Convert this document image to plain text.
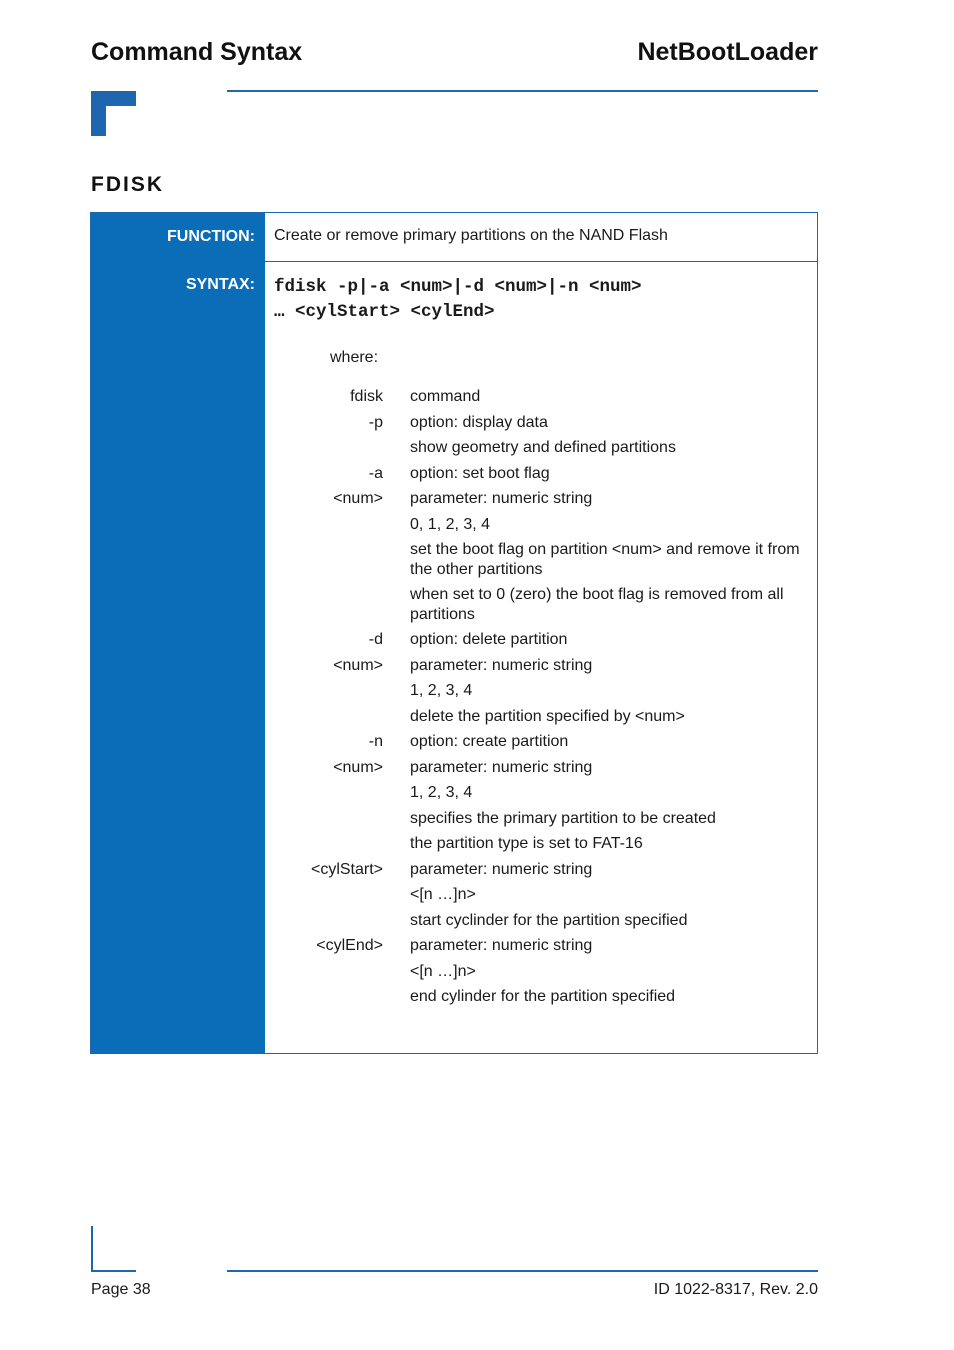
Command Syntax	NetBootLoader
FDISK
FUNCTION:
SYNTAX:
Create or remove primary partitions on the NAND Flash
fdisk -p|-a <num>|-d <num>|-n <num>
… <cylStart> <cylEnd>
where:
fdisk command
-p option: display data
show geometry and defined partitions
-a option: set boot flag
<num> parameter: numeric string
0, 1, 2, 3, 4
set the boot flag on partition <num> and remove it from the other partitions
when set to 0 (zero) the boot flag is removed from all partitions
-d option: delete partition
<num> parameter: numeric string
1, 2, 3, 4
delete the partition specified by <num>
-n option: create partition
<num> parameter: numeric string
1, 2, 3, 4
specifies the primary partition to be created
the partition type is set to FAT-16
<cylStart> parameter: numeric string
<[n …]n>
start cyclinder for the partition specified
<cylEnd> parameter: numeric string
<[n …]n>
end cylinder for the partition specified
Page 38	ID 1022-8317, Rev. 2.0
